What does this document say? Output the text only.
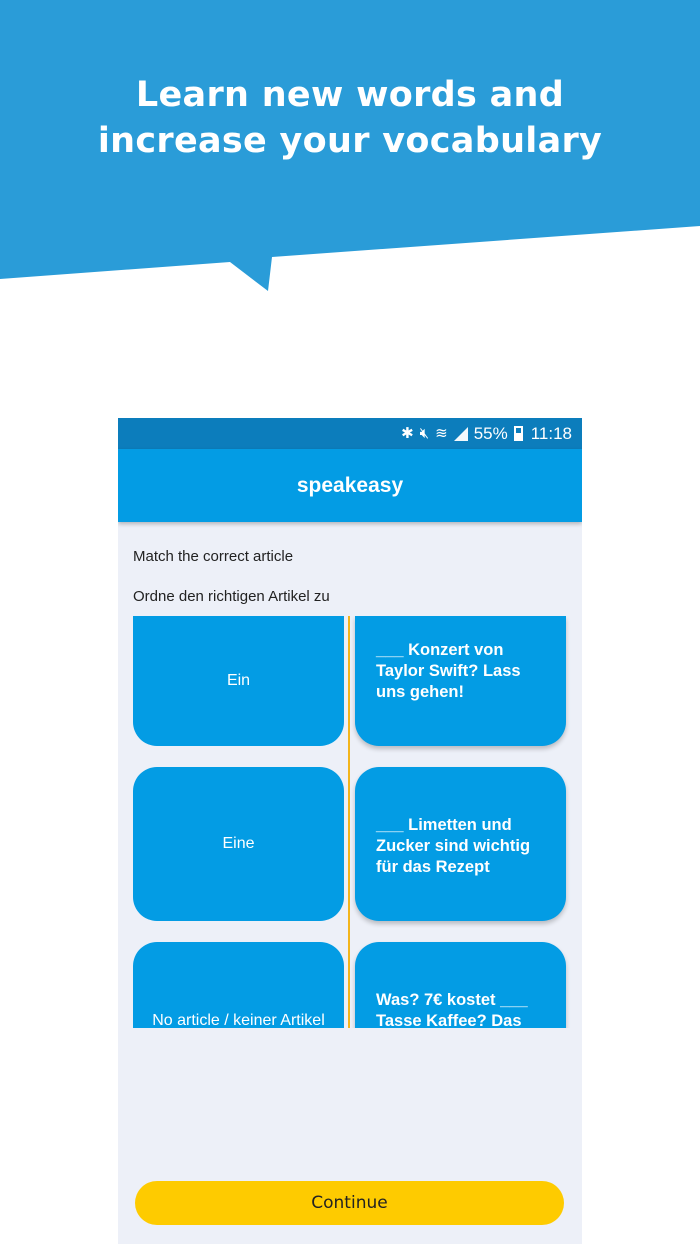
Learn new words and
increase your vocabulary
✱ 🔇︎ ≋ 55% 11:18
speakeasy
Match the correct article
Ordne den richtigen Artikel zu
Ein
___ Konzert von Taylor Swift? Lass uns gehen!
Eine
___ Limetten und Zucker sind wichtig für das Rezept
No article / keiner Artikel
Was? 7€ kostet ___ Tasse Kaffee? Das
Continue
